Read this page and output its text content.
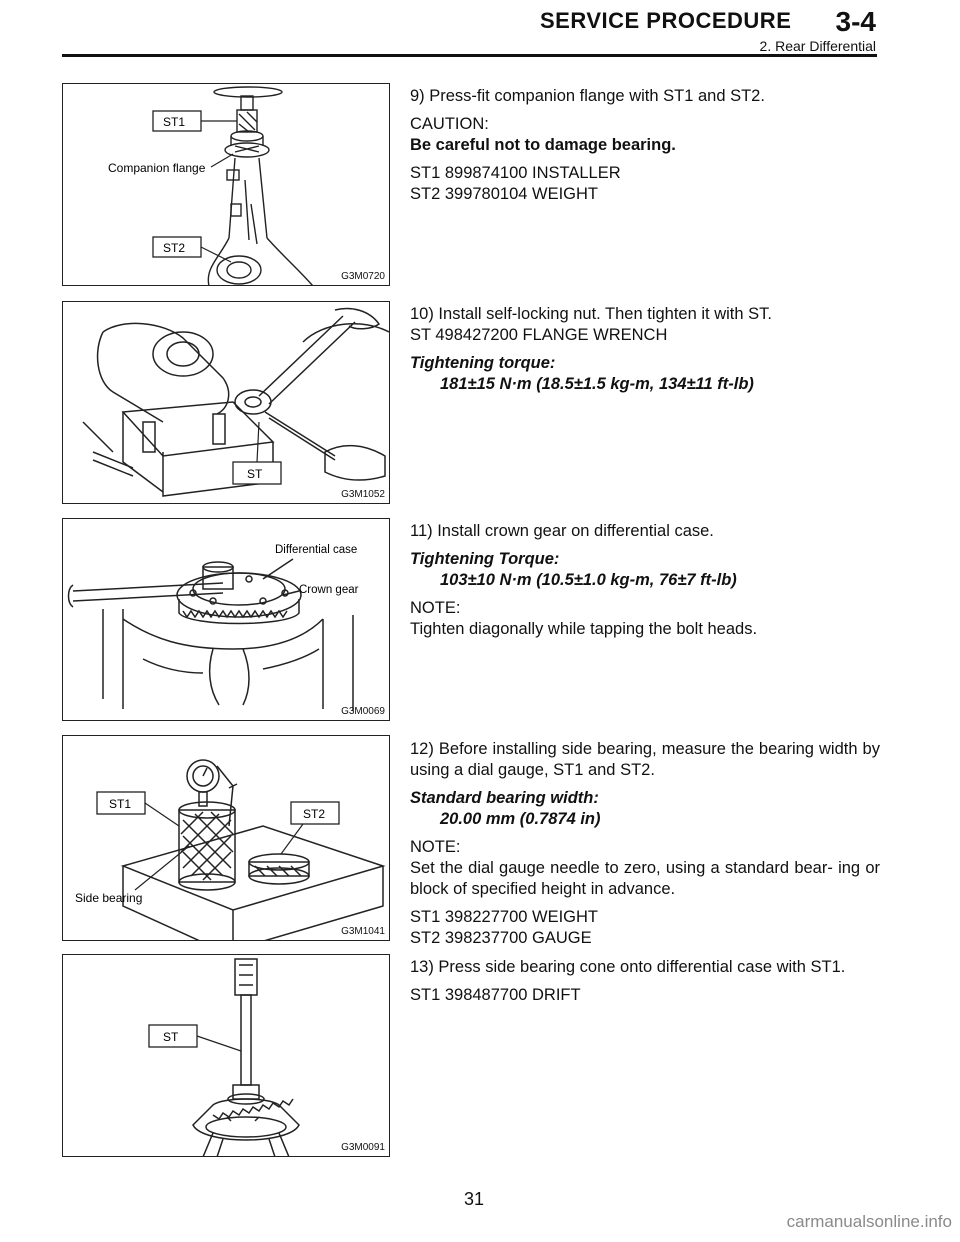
SERVICE PROCEDURE 3-4
2. Rear Differential
ST1
Companion flange
ST2
G3M0720

9) Press-fit companion flange with ST1 and ST2.

CAUTION:

Be careful not to damage bearing.

ST1 899874100 INSTALLER
ST2 399780104 WEIGHT
ST
G3M1052
10) Install self-locking nut. Then tighten it with ST.

ST 498427200 FLANGE WRENCH

Tightening torque:

181±15 N·m (18.5±1.5 kg-m, 134±11 ft-lb)

Differential case
Crown gear
G3M0069

11) Install crown gear on differential case.

Tightening Torque:

103±10 N·m (10.5±1.0 kg-m, 76±7 ft-lb)

NOTE:

Tighten diagonally while tapping the bolt heads.

ST1
ST2
Side bearing
G3M1041

12) Before installing side bearing, measure the bearing width by using a dial gauge, ST1 and ST2.

Standard bearing width:

20.00 mm (0.7874 in)

NOTE:

Set the dial gauge needle to zero, using a standard bear- ing or block of specified height in advance.

ST1 398227700 WEIGHT
ST2 398237700 GAUGE
ST
G3M0091

13) Press side bearing cone onto differential case with ST1.

ST1 398487700 DRIFT
31
carmanualsonline.info
